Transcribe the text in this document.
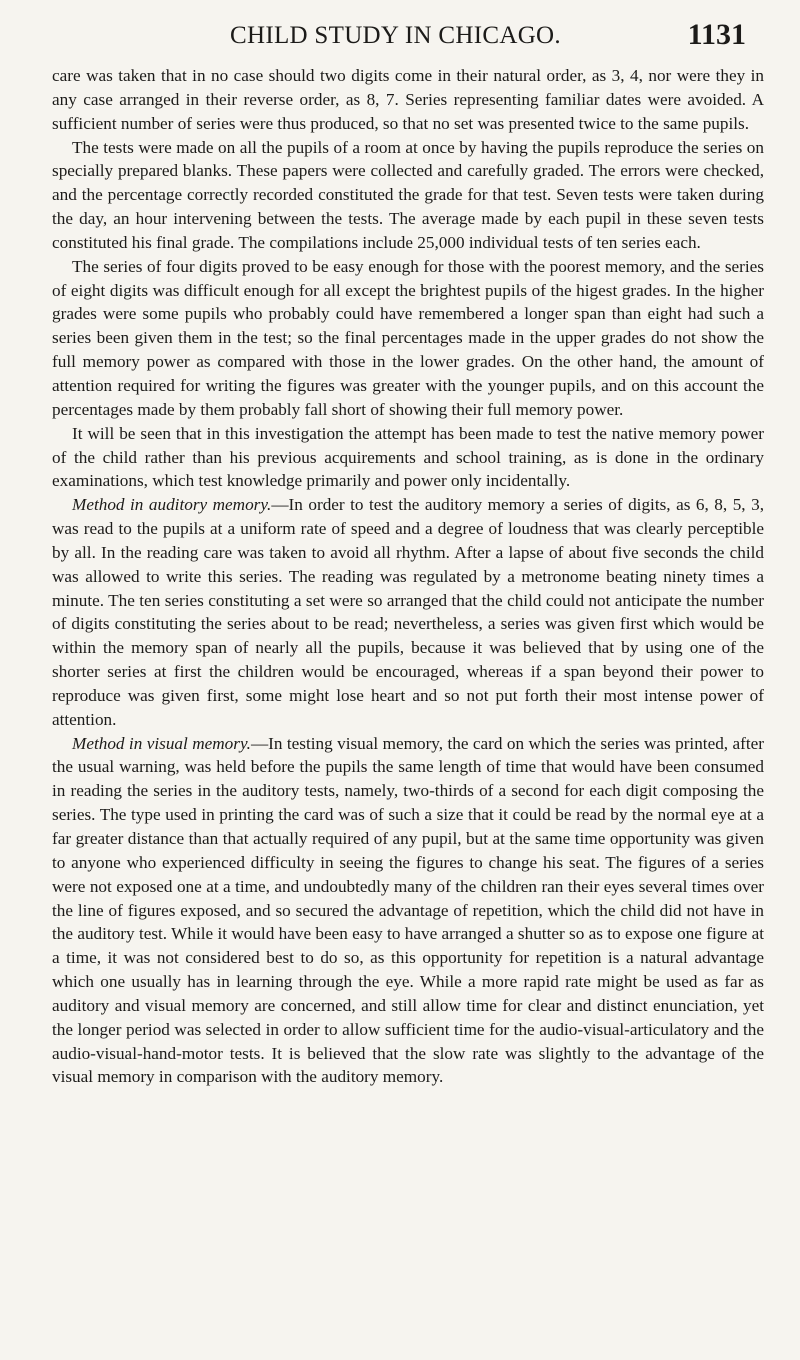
CHILD STUDY IN CHICAGO.	1131

care was taken that in no case should two digits come in their natural order, as 3, 4, nor were they in any case arranged in their reverse order, as 8, 7. Series representing familiar dates were avoided. A sufficient number of series were thus produced, so that no set was presented twice to the same pupils.

The tests were made on all the pupils of a room at once by having the pupils reproduce the series on specially prepared blanks. These papers were collected and carefully graded. The errors were checked, and the percentage correctly recorded constituted the grade for that test. Seven tests were taken during the day, an hour intervening between the tests. The average made by each pupil in these seven tests constituted his final grade. The compilations include 25,000 individual tests of ten series each.

The series of four digits proved to be easy enough for those with the poorest memory, and the series of eight digits was difficult enough for all except the brightest pupils of the higest grades. In the higher grades were some pupils who probably could have remembered a longer span than eight had such a series been given them in the test; so the final percentages made in the upper grades do not show the full memory power as compared with those in the lower grades. On the other hand, the amount of attention required for writing the figures was greater with the younger pupils, and on this account the percentages made by them probably fall short of showing their full memory power.

It will be seen that in this investigation the attempt has been made to test the native memory power of the child rather than his previous acquirements and school training, as is done in the ordinary examinations, which test knowledge primarily and power only incidentally.

Method in auditory memory.—In order to test the auditory memory a series of digits, as 6, 8, 5, 3, was read to the pupils at a uniform rate of speed and a degree of loudness that was clearly perceptible by all. In the reading care was taken to avoid all rhythm. After a lapse of about five seconds the child was allowed to write this series. The reading was regulated by a metronome beating ninety times a minute. The ten series constituting a set were so arranged that the child could not anticipate the number of digits constituting the series about to be read; nevertheless, a series was given first which would be within the memory span of nearly all the pupils, because it was believed that by using one of the shorter series at first the children would be encouraged, whereas if a span beyond their power to reproduce was given first, some might lose heart and so not put forth their most intense power of attention.

Method in visual memory.—In testing visual memory, the card on which the series was printed, after the usual warning, was held before the pupils the same length of time that would have been consumed in reading the series in the auditory tests, namely, two-thirds of a second for each digit composing the series. The type used in printing the card was of such a size that it could be read by the normal eye at a far greater distance than that actually required of any pupil, but at the same time opportunity was given to anyone who experienced difficulty in seeing the figures to change his seat. The figures of a series were not exposed one at a time, and undoubtedly many of the children ran their eyes several times over the line of figures exposed, and so secured the advantage of repetition, which the child did not have in the auditory test. While it would have been easy to have arranged a shutter so as to expose one figure at a time, it was not considered best to do so, as this opportunity for repetition is a natural advantage which one usually has in learning through the eye. While a more rapid rate might be used as far as auditory and visual memory are concerned, and still allow time for clear and distinct enunciation, yet the longer period was selected in order to allow sufficient time for the audio-visual-articulatory and the audio-visual-hand-motor tests. It is believed that the slow rate was slightly to the advantage of the visual memory in comparison with the auditory memory.
